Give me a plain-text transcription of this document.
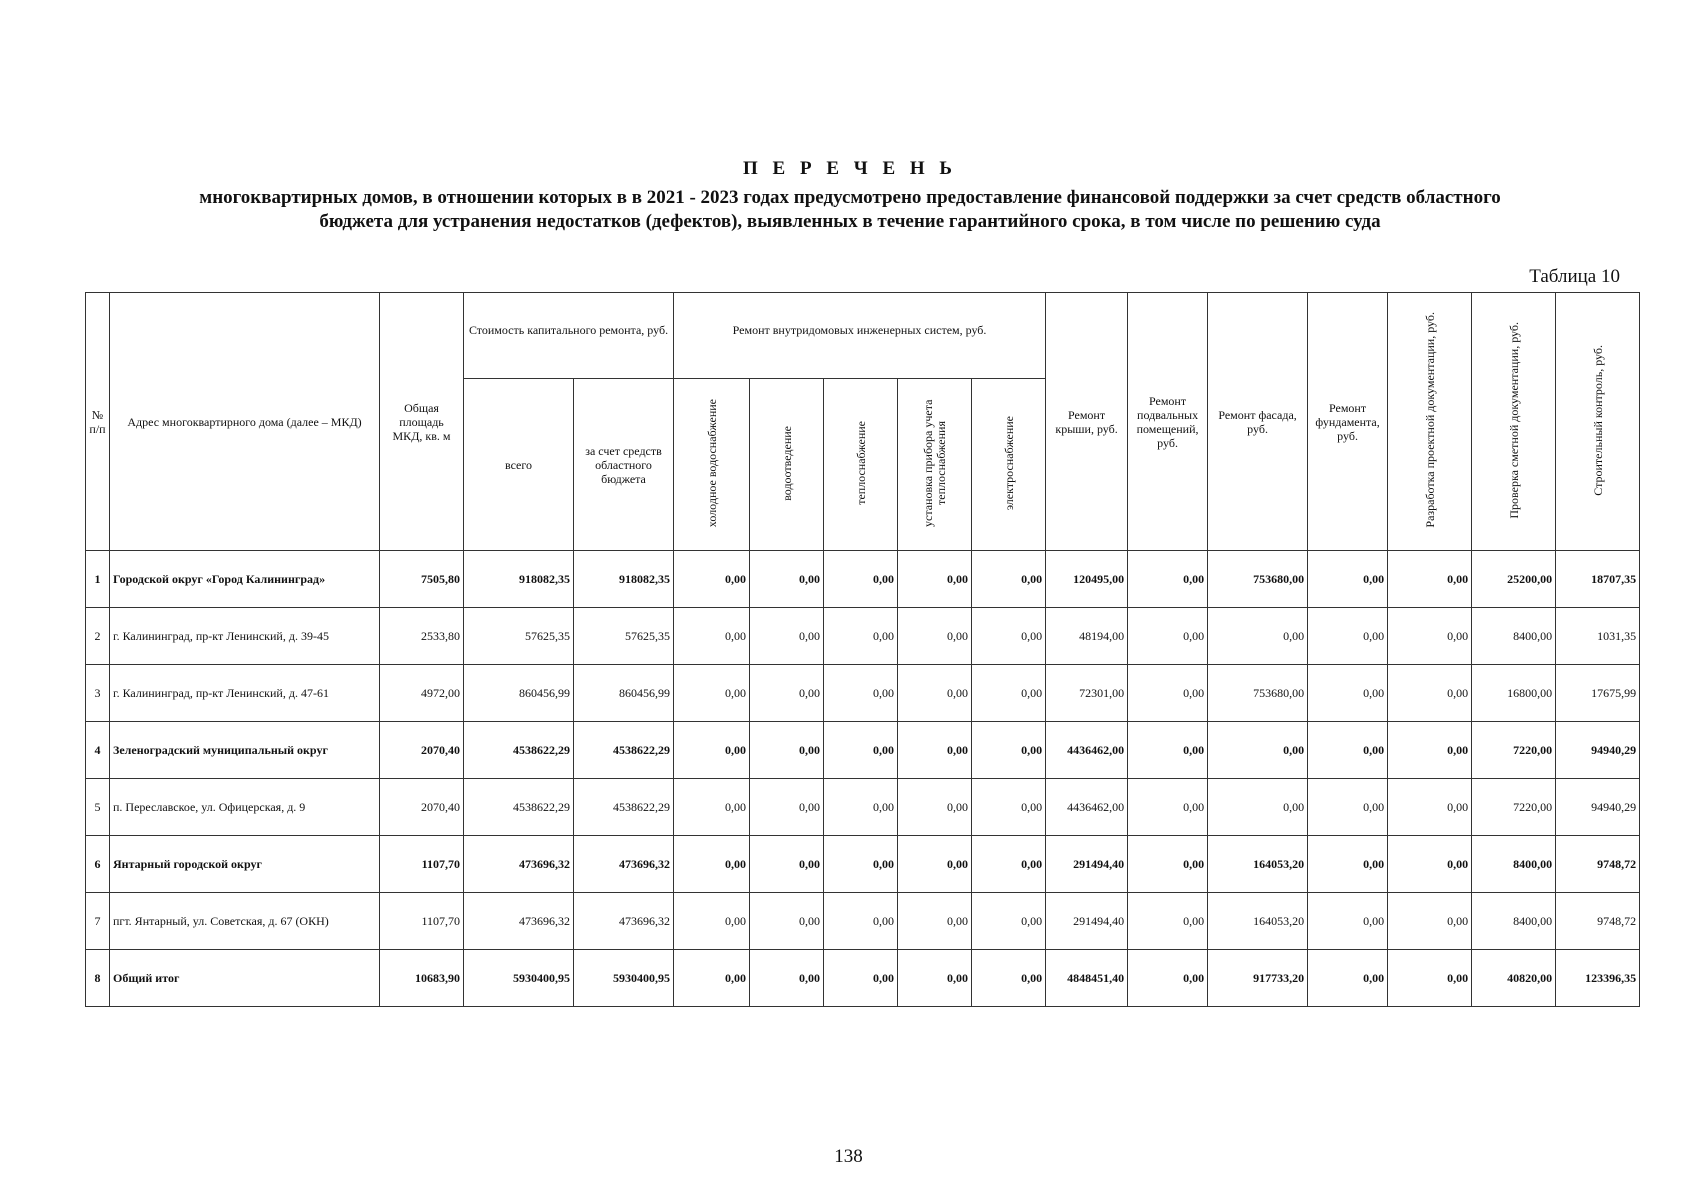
П Е Р Е Ч Е Н Ь
многоквартирных домов, в отношении которых в в 2021 - 2023 годах предусмотрено предоставление финансовой поддержки за счет средств областного
бюджета для устранения недостатков (дефектов), выявленных в течение гарантийного срока, в том числе по решению суда
Таблица 10
№ п/п	Адрес многоквартирного дома (далее – МКД)	Общая площадь МКД, кв. м	Стоимость капитального ремонта, руб.		Ремонт внутридомовых инженерных систем, руб.					Ремонт крыши, руб.	Ремонт подвальных помещений, руб.	Ремонт фасада, руб.	Ремонт фундамента, руб.	Разработка проектной документации, руб.	Проверка сметной документации, руб.	Строительный контроль, руб.
			всего	за счет средств областного бюджета	холодное водоснабжение	водоотведение	теплоснабжение	установка прибора учета теплоснабжения	электроснабжение							
1	Городской округ «Город Калининград»	7505,80	918082,35	918082,35	0,00	0,00	0,00	0,00	0,00	120495,00	0,00	753680,00	0,00	0,00	25200,00	18707,35
2	г. Калининград, пр-кт Ленинский, д. 39-45	2533,80	57625,35	57625,35	0,00	0,00	0,00	0,00	0,00	48194,00	0,00	0,00	0,00	0,00	8400,00	1031,35
3	г. Калининград, пр-кт Ленинский, д. 47-61	4972,00	860456,99	860456,99	0,00	0,00	0,00	0,00	0,00	72301,00	0,00	753680,00	0,00	0,00	16800,00	17675,99
4	Зеленоградский муниципальный округ	2070,40	4538622,29	4538622,29	0,00	0,00	0,00	0,00	0,00	4436462,00	0,00	0,00	0,00	0,00	7220,00	94940,29
5	п. Переславское, ул. Офицерская, д. 9	2070,40	4538622,29	4538622,29	0,00	0,00	0,00	0,00	0,00	4436462,00	0,00	0,00	0,00	0,00	7220,00	94940,29
6	Янтарный городской округ	1107,70	473696,32	473696,32	0,00	0,00	0,00	0,00	0,00	291494,40	0,00	164053,20	0,00	0,00	8400,00	9748,72
7	пгт. Янтарный, ул. Советская, д. 67 (ОКН)	1107,70	473696,32	473696,32	0,00	0,00	0,00	0,00	0,00	291494,40	0,00	164053,20	0,00	0,00	8400,00	9748,72
8	Общий итог	10683,90	5930400,95	5930400,95	0,00	0,00	0,00	0,00	0,00	4848451,40	0,00	917733,20	0,00	0,00	40820,00	123396,35
138
